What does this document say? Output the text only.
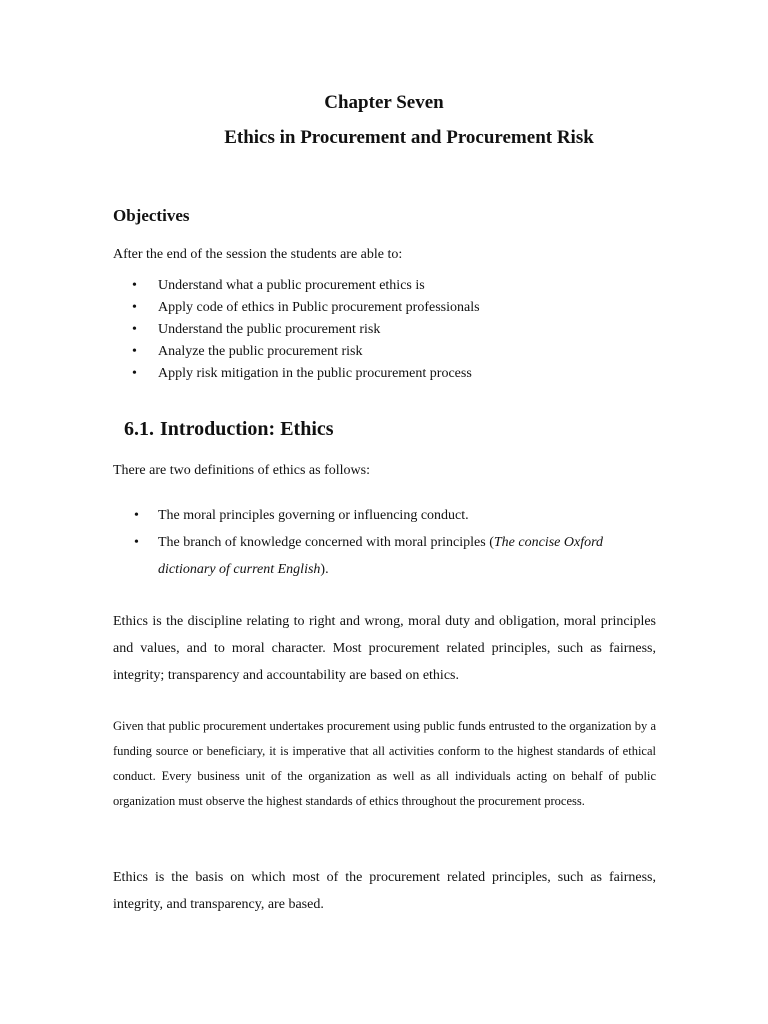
Chapter Seven
Ethics in Procurement and Procurement Risk
Objectives

After the end of the session the students are able to:

• Understand what a public procurement ethics is
• Apply code of ethics in Public procurement professionals
• Understand the public procurement risk
• Analyze the public procurement risk
• Apply risk mitigation in the public procurement process
6.1. Introduction: Ethics

There are two definitions of ethics as follows:

• The moral principles governing or influencing conduct.
• The branch of knowledge concerned with moral principles (The concise Oxford dictionary of current English).

Ethics is the discipline relating to right and wrong, moral duty and obligation, moral principles and values, and to moral character. Most procurement related principles, such as fairness, integrity; transparency and accountability are based on ethics.

Given that public procurement undertakes procurement using public funds entrusted to the organization by a funding source or beneficiary, it is imperative that all activities conform to the highest standards of ethical conduct. Every business unit of the organization as well as all individuals acting on behalf of public organization must observe the highest standards of ethics throughout the procurement process.

Ethics is the basis on which most of the procurement related principles, such as fairness, integrity, and transparency, are based.
